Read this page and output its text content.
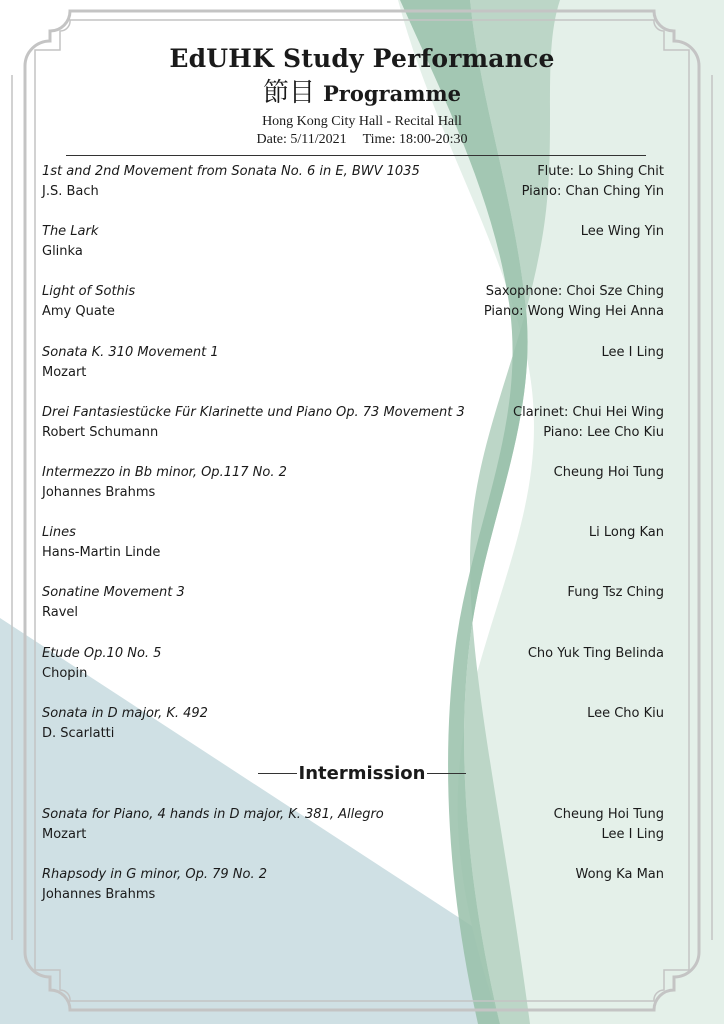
EdUHK Study Performance
節目 Programme
Hong Kong City Hall - Recital Hall
Date: 5/11/2021 Time: 18:00-20:30
1st and 2nd Movement from Sonata No. 6 in E, BWV 1035
J.S. Bach
Flute: Lo Shing Chit
Piano: Chan Ching Yin
The Lark
Glinka
Lee Wing Yin
Light of Sothis
Amy Quate
Saxophone: Choi Sze Ching
Piano: Wong Wing Hei Anna
Sonata K. 310 Movement 1
Mozart
Lee I Ling
Drei Fantasiestücke Für Klarinette und Piano Op. 73 Movement 3
Robert Schumann
Clarinet: Chui Hei Wing
Piano: Lee Cho Kiu
Intermezzo in Bb minor, Op.117 No. 2
Johannes Brahms
Cheung Hoi Tung
Lines
Hans-Martin Linde
Li Long Kan
Sonatine Movement 3
Ravel
Fung Tsz Ching
Etude Op.10 No. 5
Chopin
Cho Yuk Ting Belinda
Sonata in D major, K. 492
D. Scarlatti
Lee Cho Kiu
Intermission
Sonata for Piano, 4 hands in D major, K. 381, Allegro
Mozart
Cheung Hoi Tung
Lee I Ling
Rhapsody in G minor, Op. 79 No. 2
Johannes Brahms
Wong Ka Man
